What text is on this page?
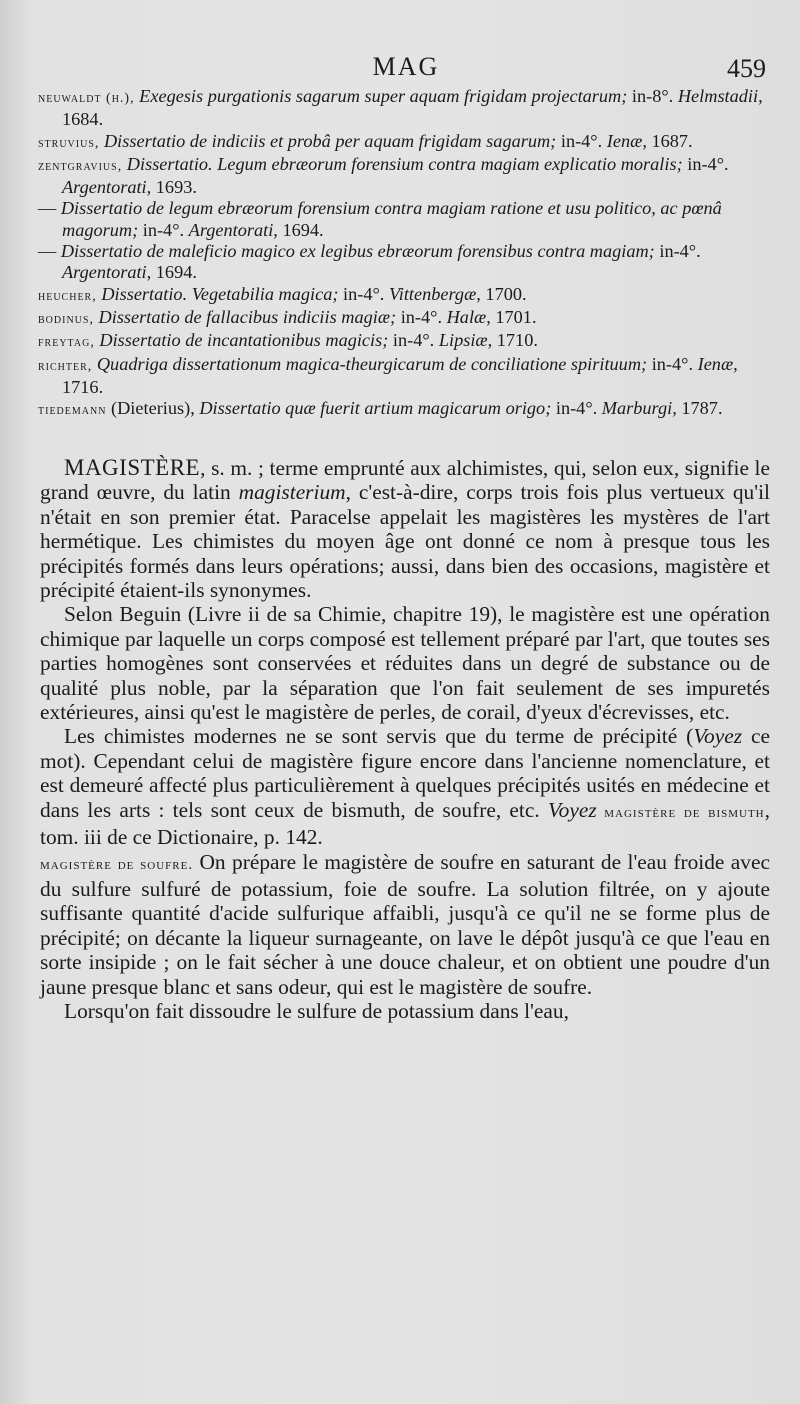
MAG	459

neuwaldt (h.), Exegesis purgationis sagarum super aquam frigidam projectarum; in-8°. Helmstadii, 1684.

struvius, Dissertatio de indiciis et probâ per aquam frigidam sagarum; in-4°. Ienæ, 1687.

zentgravius, Dissertatio. Legum ebræorum forensium contra magiam explicatio moralis; in-4°. Argentorati, 1693.

— Dissertatio de legum ebræorum forensium contra magiam ratione et usu politico, ac pœnâ magorum; in-4°. Argentorati, 1694.

— Dissertatio de maleficio magico ex legibus ebræorum forensibus contra magiam; in-4°. Argentorati, 1694.

heucher, Dissertatio. Vegetabilia magica; in-4°. Vittenbergæ, 1700.

bodinus, Dissertatio de fallacibus indiciis magiæ; in-4°. Halæ, 1701.

freytag, Dissertatio de incantationibus magicis; in-4°. Lipsiæ, 1710.

richter, Quadriga dissertationum magica-theurgicarum de conciliatione spirituum; in-4°. Ienæ, 1716.

tiedemann (Dieterius), Dissertatio quæ fuerit artium magicarum origo; in-4°. Marburgi, 1787.

MAGISTÈRE, s. m. ; terme emprunté aux alchimistes, qui, selon eux, signifie le grand œuvre, du latin magisterium, c'est-à-dire, corps trois fois plus vertueux qu'il n'était en son premier état. Paracelse appelait les magistères les mystères de l'art hermétique. Les chimistes du moyen âge ont donné ce nom à presque tous les précipités formés dans leurs opérations; aussi, dans bien des occasions, magistère et précipité étaient-ils synonymes.

Selon Beguin (Livre ii de sa Chimie, chapitre 19), le magistère est une opération chimique par laquelle un corps composé est tellement préparé par l'art, que toutes ses parties homogènes sont conservées et réduites dans un degré de substance ou de qualité plus noble, par la séparation que l'on fait seulement de ses impuretés extérieures, ainsi qu'est le magistère de perles, de corail, d'yeux d'écrevisses, etc.

Les chimistes modernes ne se sont servis que du terme de précipité (Voyez ce mot). Cependant celui de magistère figure encore dans l'ancienne nomenclature, et est demeuré affecté plus particulièrement à quelques précipités usités en médecine et dans les arts : tels sont ceux de bismuth, de soufre, etc. Voyez magistère de bismuth, tom. iii de ce Dictionaire, p. 142.

magistère de soufre. On prépare le magistère de soufre en saturant de l'eau froide avec du sulfure sulfuré de potassium, foie de soufre. La solution filtrée, on y ajoute suffisante quantité d'acide sulfurique affaibli, jusqu'à ce qu'il ne se forme plus de précipité; on décante la liqueur surnageante, on lave le dépôt jusqu'à ce que l'eau en sorte insipide ; on le fait sécher à une douce chaleur, et on obtient une poudre d'un jaune presque blanc et sans odeur, qui est le magistère de soufre.

Lorsqu'on fait dissoudre le sulfure de potassium dans l'eau,
